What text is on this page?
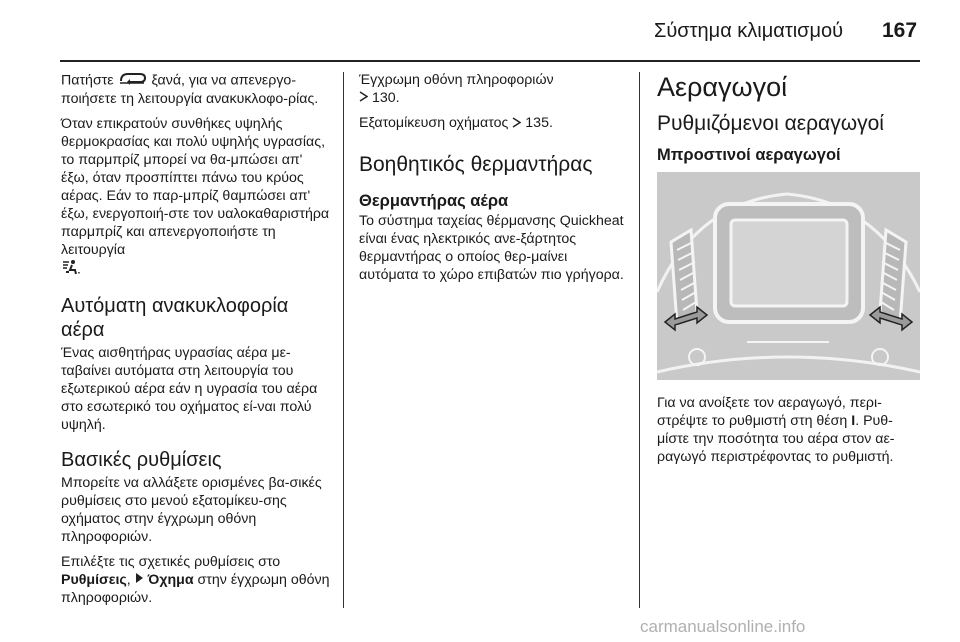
Σύστημα κλιματισμού 167

Πατήστε	ξανά, για να απενεργο-ποιήσετε τη λειτουργία ανακυκλοφο-ρίας.

Όταν επικρατούν συνθήκες υψηλής θερμοκρασίας και πολύ υψηλής υγρασίας, το παρμπρίζ μπορεί να θα-μπώσει απ' έξω, όταν προσπίπτει πάνω του κρύος αέρας. Εάν το παρ-μπρίζ θαμπώσει απ' έξω, ενεργοποιή-στε τον υαλοκαθαριστήρα παρμπρίζ και απενεργοποιήστε τη λειτουργία
.

Αυτόματη ανακυκλοφορία αέρα

Ένας αισθητήρας υγρασίας αέρα με-ταβαίνει αυτόματα στη λειτουργία του εξωτερικού αέρα εάν η υγρασία του αέρα στο εσωτερικό του οχήματος εί-ναι πολύ υψηλή.

Βασικές ρυθμίσεις

Μπορείτε να αλλάξετε ορισμένες βα-σικές ρυθμίσεις στο μενού εξατομίκευ-σης οχήματος στην έγχρωμη οθόνη πληροφοριών.

Επιλέξτε τις σχετικές ρυθμίσεις στο
Ρυθμίσεις, Όχημα στην έγχρωμη οθόνη πληροφοριών.

Έγχρωμη οθόνη πληροφοριών
130.

Εξατομίκευση οχήματος 135.

Βοηθητικός θερμαντήρας
Θερμαντήρας αέρα

Το σύστημα ταχείας θέρμανσης Quickheat είναι ένας ηλεκτρικός ανε-ξάρτητος θερμαντήρας ο οποίος θερ-μαίνει αυτόματα το χώρο επιβατών πιο γρήγορα.

Αεραγωγοί
Ρυθμιζόμενοι αεραγωγοί
Μπροστινοί αεραγωγοί

Για να ανοίξετε τον αεραγωγό, περι-στρέψτε το ρυθμιστή στη θέση I. Ρυθ-μίστε την ποσότητα του αέρα στον αε-ραγωγό περιστρέφοντας το ρυθμιστή.

carmanualsonline.info
